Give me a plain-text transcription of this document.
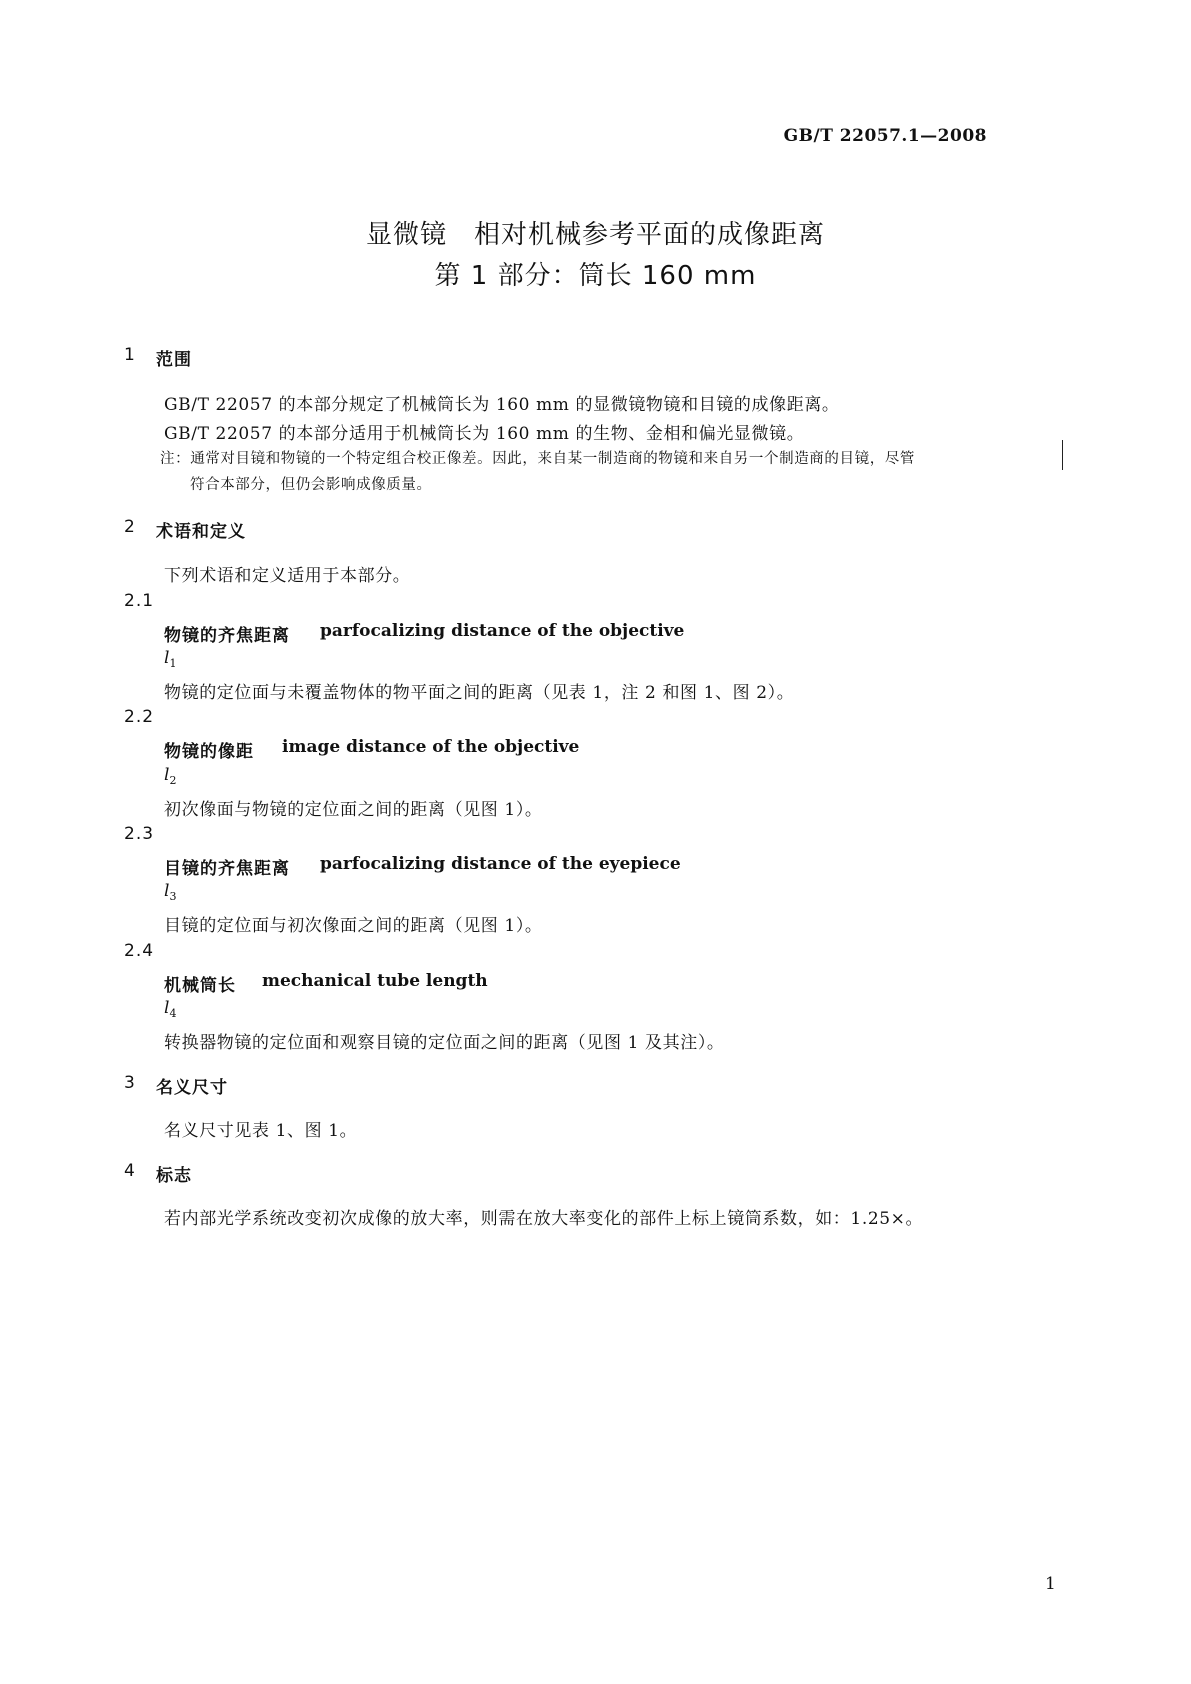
GB/T 22057.1—2008
显微镜　相对机械参考平面的成像距离
第 1 部分：筒长 160 mm
1 范围
GB/T 22057 的本部分规定了机械筒长为 160 mm 的显微镜物镜和目镜的成像距离。
GB/T 22057 的本部分适用于机械筒长为 160 mm 的生物、金相和偏光显微镜。
注：通常对目镜和物镜的一个特定组合校正像差。因此，来自某一制造商的物镜和来自另一个制造商的目镜，尽管
符合本部分，但仍会影响成像质量。
2 术语和定义
下列术语和定义适用于本部分。
2.1
物镜的齐焦距离 parfocalizing distance of the objective
$l_1$
物镜的定位面与未覆盖物体的物平面之间的距离（见表 1，注 2 和图 1、图 2）。
2.2
物镜的像距 image distance of the objective
$l_2$
初次像面与物镜的定位面之间的距离（见图 1）。
2.3
目镜的齐焦距离 parfocalizing distance of the eyepiece
$l_3$
目镜的定位面与初次像面之间的距离（见图 1）。
2.4
机械筒长 mechanical tube length
$l_4$
转换器物镜的定位面和观察目镜的定位面之间的距离（见图 1 及其注）。
3 名义尺寸
名义尺寸见表 1、图 1。
4 标志
若内部光学系统改变初次成像的放大率，则需在放大率变化的部件上标上镜筒系数，如：1.25×。
1
